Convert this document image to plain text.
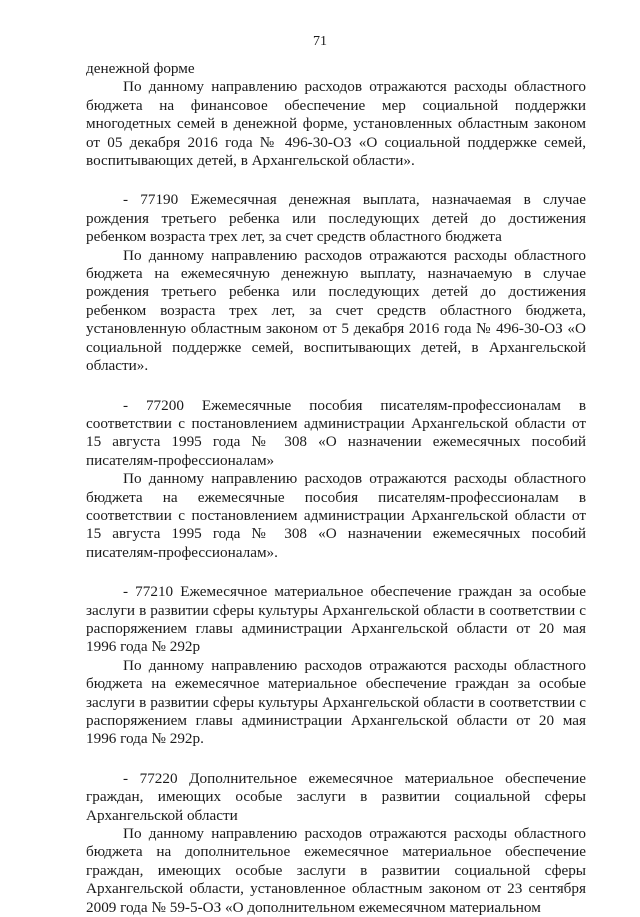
71

денежной форме

По данному направлению расходов отражаются расходы областного бюджета на финансовое обеспечение мер социальной поддержки многодетных семей в денежной форме, установленных областным законом от 05 декабря 2016 года № 496-30-ОЗ «О социальной поддержке семей, воспитывающих детей, в Архангельской области».

- 77190 Ежемесячная денежная выплата, назначаемая в случае рождения третьего ребенка или последующих детей до достижения ребенком возраста трех лет, за счет средств областного бюджета

По данному направлению расходов отражаются расходы областного бюджета на ежемесячную денежную выплату, назначаемую в случае рождения третьего ребенка или последующих детей до достижения ребенком возраста трех лет, за счет средств областного бюджета, установленную областным законом от 5 декабря 2016 года № 496-30-ОЗ «О социальной поддержке семей, воспитывающих детей, в Архангельской области».

- 77200 Ежемесячные пособия писателям-профессионалам в соответствии с постановлением администрации Архангельской области от 15 августа 1995 года № 308 «О назначении ежемесячных пособий писателям-профессионалам»

По данному направлению расходов отражаются расходы областного бюджета на ежемесячные пособия писателям-профессионалам в соответствии с постановлением администрации Архангельской области от 15 августа 1995 года № 308 «О назначении ежемесячных пособий писателям-профессионалам».

- 77210 Ежемесячное материальное обеспечение граждан за особые заслуги в развитии сферы культуры Архангельской области в соответствии с распоряжением главы администрации Архангельской области от 20 мая 1996 года № 292р

По данному направлению расходов отражаются расходы областного бюджета на ежемесячное материальное обеспечение граждан за особые заслуги в развитии сферы культуры Архангельской области в соответствии с распоряжением главы администрации Архангельской области от 20 мая 1996 года № 292р.

- 77220 Дополнительное ежемесячное материальное обеспечение граждан, имеющих особые заслуги в развитии социальной сферы Архангельской области

По данному направлению расходов отражаются расходы областного бюджета на дополнительное ежемесячное материальное обеспечение граждан, имеющих особые заслуги в развитии социальной сферы Архангельской области, установленное областным законом от 23 сентября 2009 года № 59-5-ОЗ «О дополнительном ежемесячном материальном
